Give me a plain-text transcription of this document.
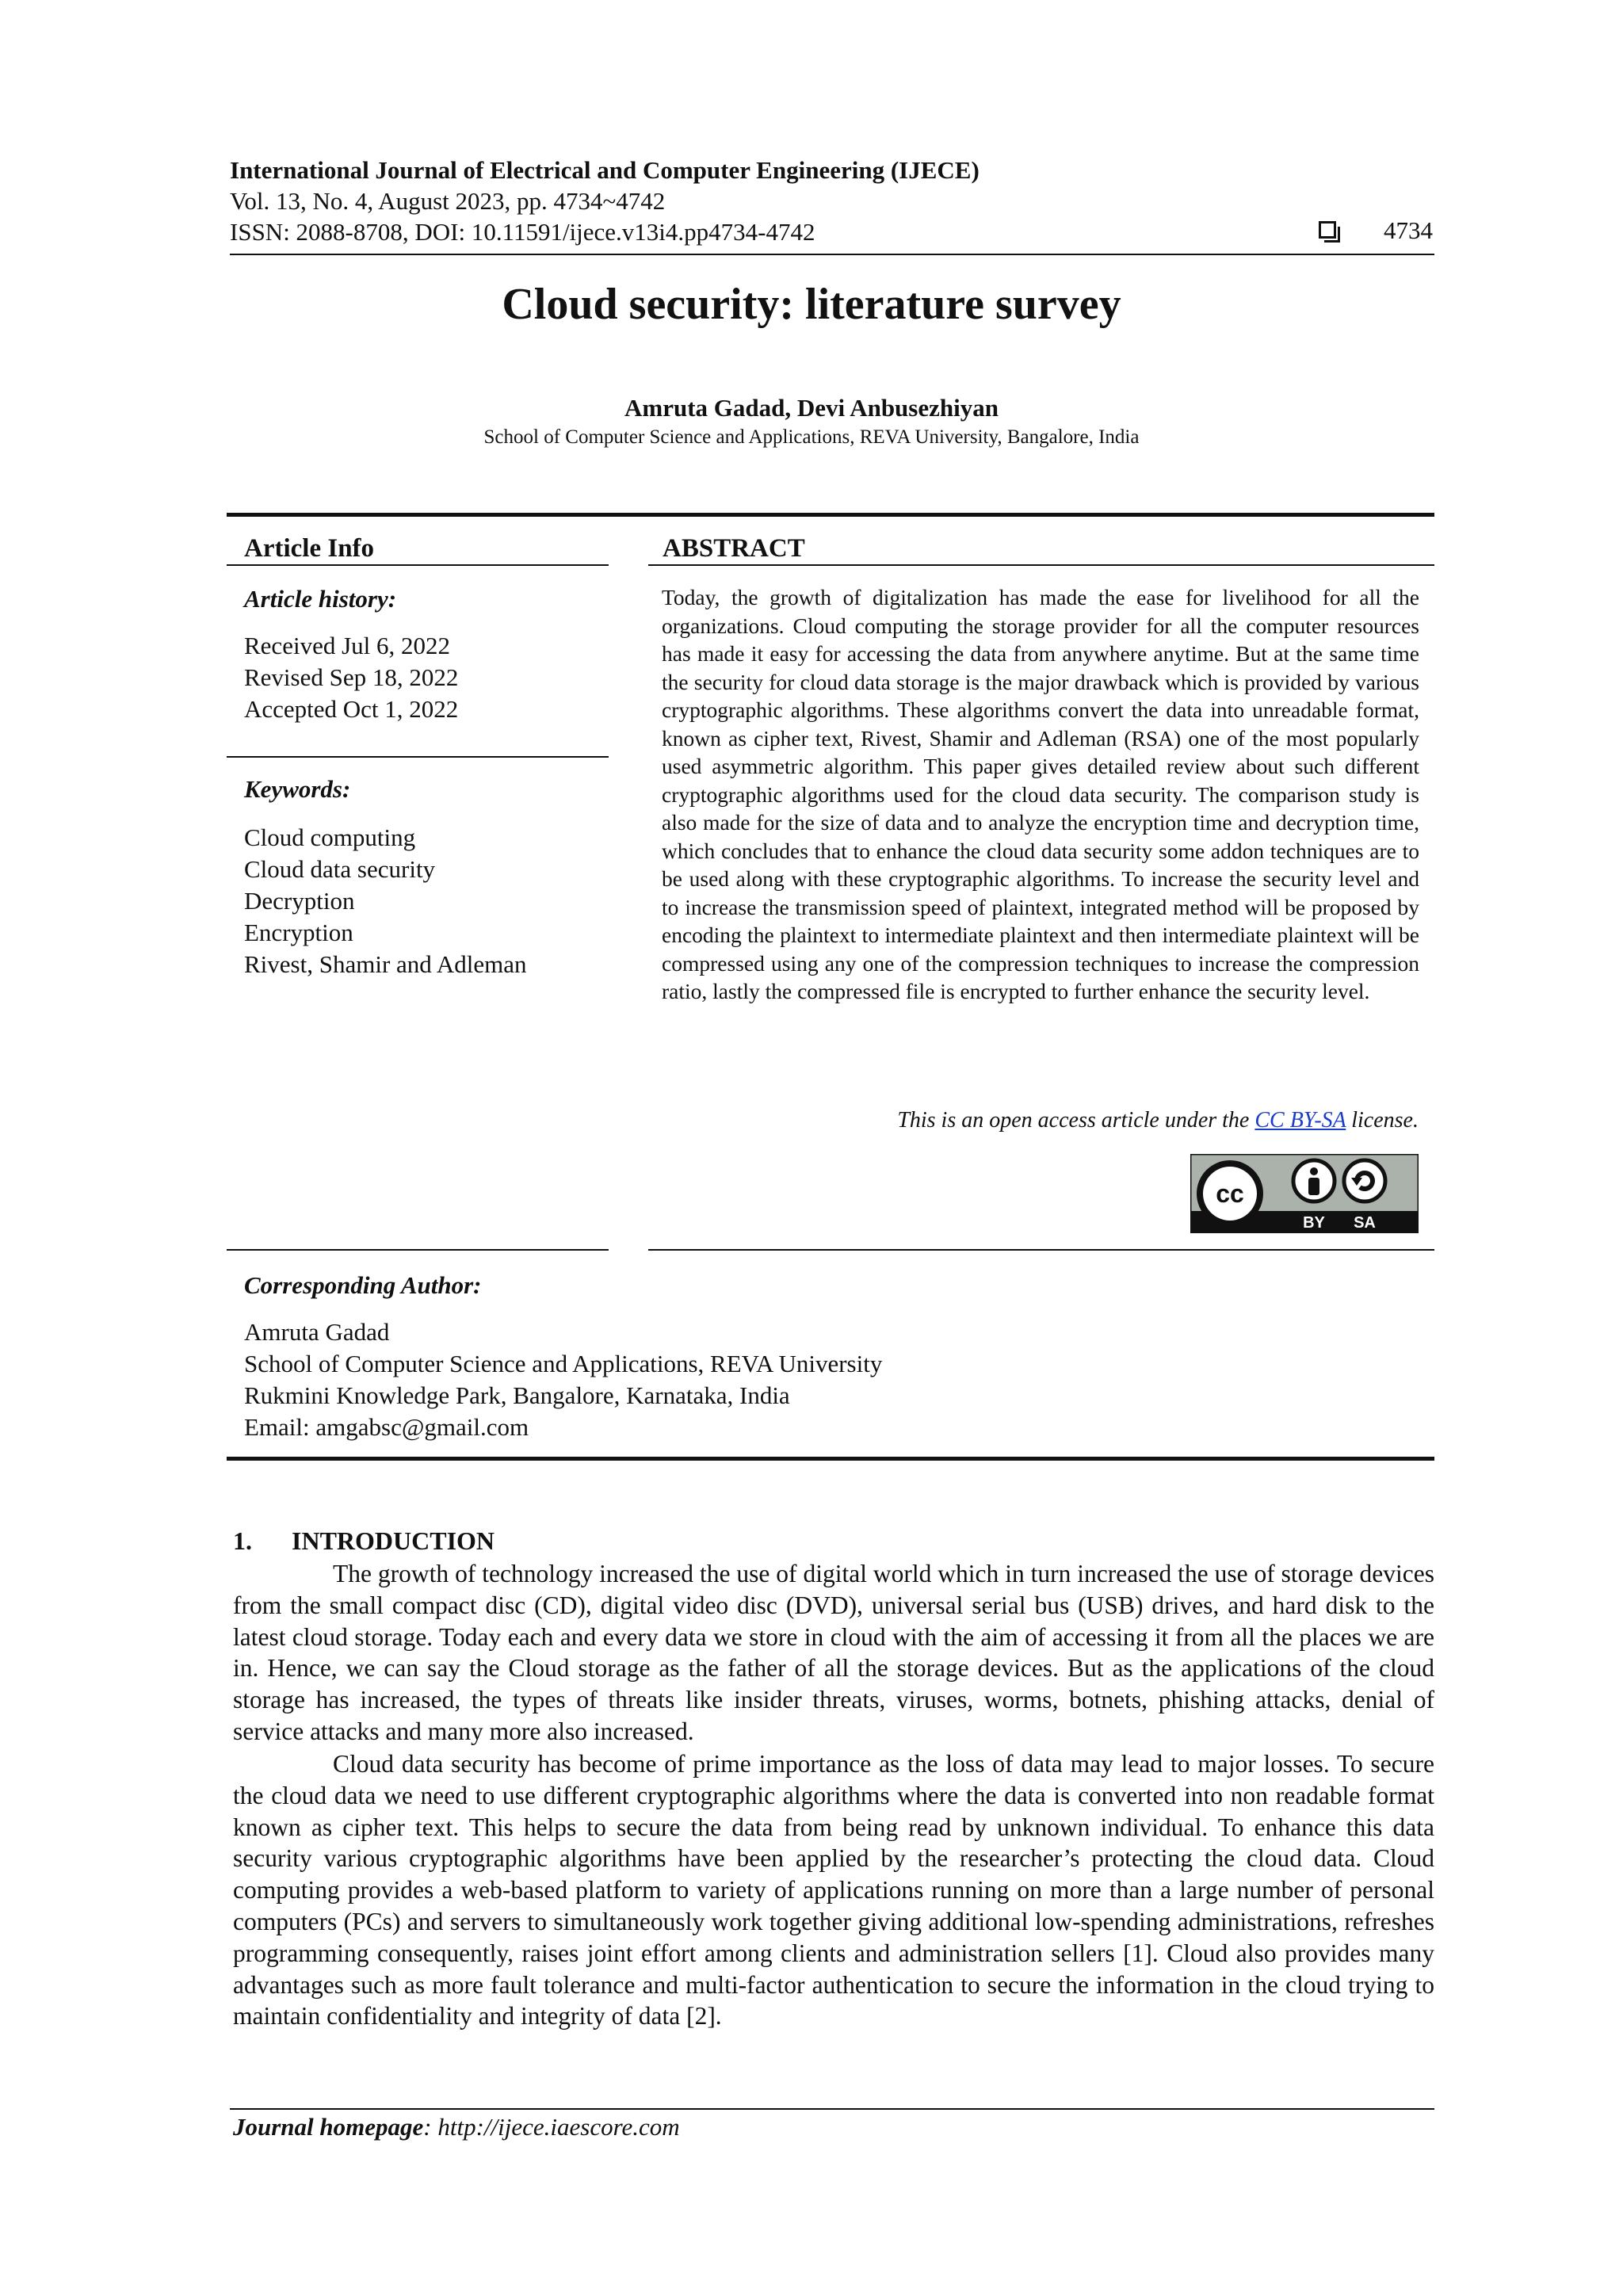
International Journal of Electrical and Computer Engineering (IJECE)
Vol. 13, No. 4, August 2023, pp. 4734~4742
ISSN: 2088-8708, DOI: 10.11591/ijece.v13i4.pp4734-4742	4734
Cloud security: literature survey
Amruta Gadad, Devi Anbusezhiyan
School of Computer Science and Applications, REVA University, Bangalore, India
Article Info
Article history:
Received Jul 6, 2022
Revised Sep 18, 2022
Accepted Oct 1, 2022
Keywords:
Cloud computing
Cloud data security
Decryption
Encryption
Rivest, Shamir and Adleman
ABSTRACT
Today, the growth of digitalization has made the ease for livelihood for all the organizations. Cloud computing the storage provider for all the computer resources has made it easy for accessing the data from anywhere anytime. But at the same time the security for cloud data storage is the major drawback which is provided by various cryptographic algorithms. These algorithms convert the data into unreadable format, known as cipher text, Rivest, Shamir and Adleman (RSA) one of the most popularly used asymmetric algorithm. This paper gives detailed review about such different cryptographic algorithms used for the cloud data security. The comparison study is also made for the size of data and to analyze the encryption time and decryption time, which concludes that to enhance the cloud data security some addon techniques are to be used along with these cryptographic algorithms. To increase the security level and to increase the transmission speed of plaintext, integrated method will be proposed by encoding the plaintext to intermediate plaintext and then intermediate plaintext will be compressed using any one of the compression techniques to increase the compression ratio, lastly the compressed file is encrypted to further enhance the security level.
This is an open access article under the CC BY-SA license.
cc
BY SA
Corresponding Author:
Amruta Gadad
School of Computer Science and Applications, REVA University
Rukmini Knowledge Park, Bangalore, Karnataka, India
Email: amgabsc@gmail.com
1. INTRODUCTION
The growth of technology increased the use of digital world which in turn increased the use of storage devices from the small compact disc (CD), digital video disc (DVD), universal serial bus (USB) drives, and hard disk to the latest cloud storage. Today each and every data we store in cloud with the aim of accessing it from all the places we are in. Hence, we can say the Cloud storage as the father of all the storage devices. But as the applications of the cloud storage has increased, the types of threats like insider threats, viruses, worms, botnets, phishing attacks, denial of service attacks and many more also increased.
Cloud data security has become of prime importance as the loss of data may lead to major losses. To secure the cloud data we need to use different cryptographic algorithms where the data is converted into non readable format known as cipher text. This helps to secure the data from being read by unknown individual. To enhance this data security various cryptographic algorithms have been applied by the researcher’s protecting the cloud data. Cloud computing provides a web-based platform to variety of applications running on more than a large number of personal computers (PCs) and servers to simultaneously work together giving additional low-spending administrations, refreshes programming consequently, raises joint effort among clients and administration sellers [1]. Cloud also provides many advantages such as more fault tolerance and multi-factor authentication to secure the information in the cloud trying to maintain confidentiality and integrity of data [2].
Journal homepage: http://ijece.iaescore.com
